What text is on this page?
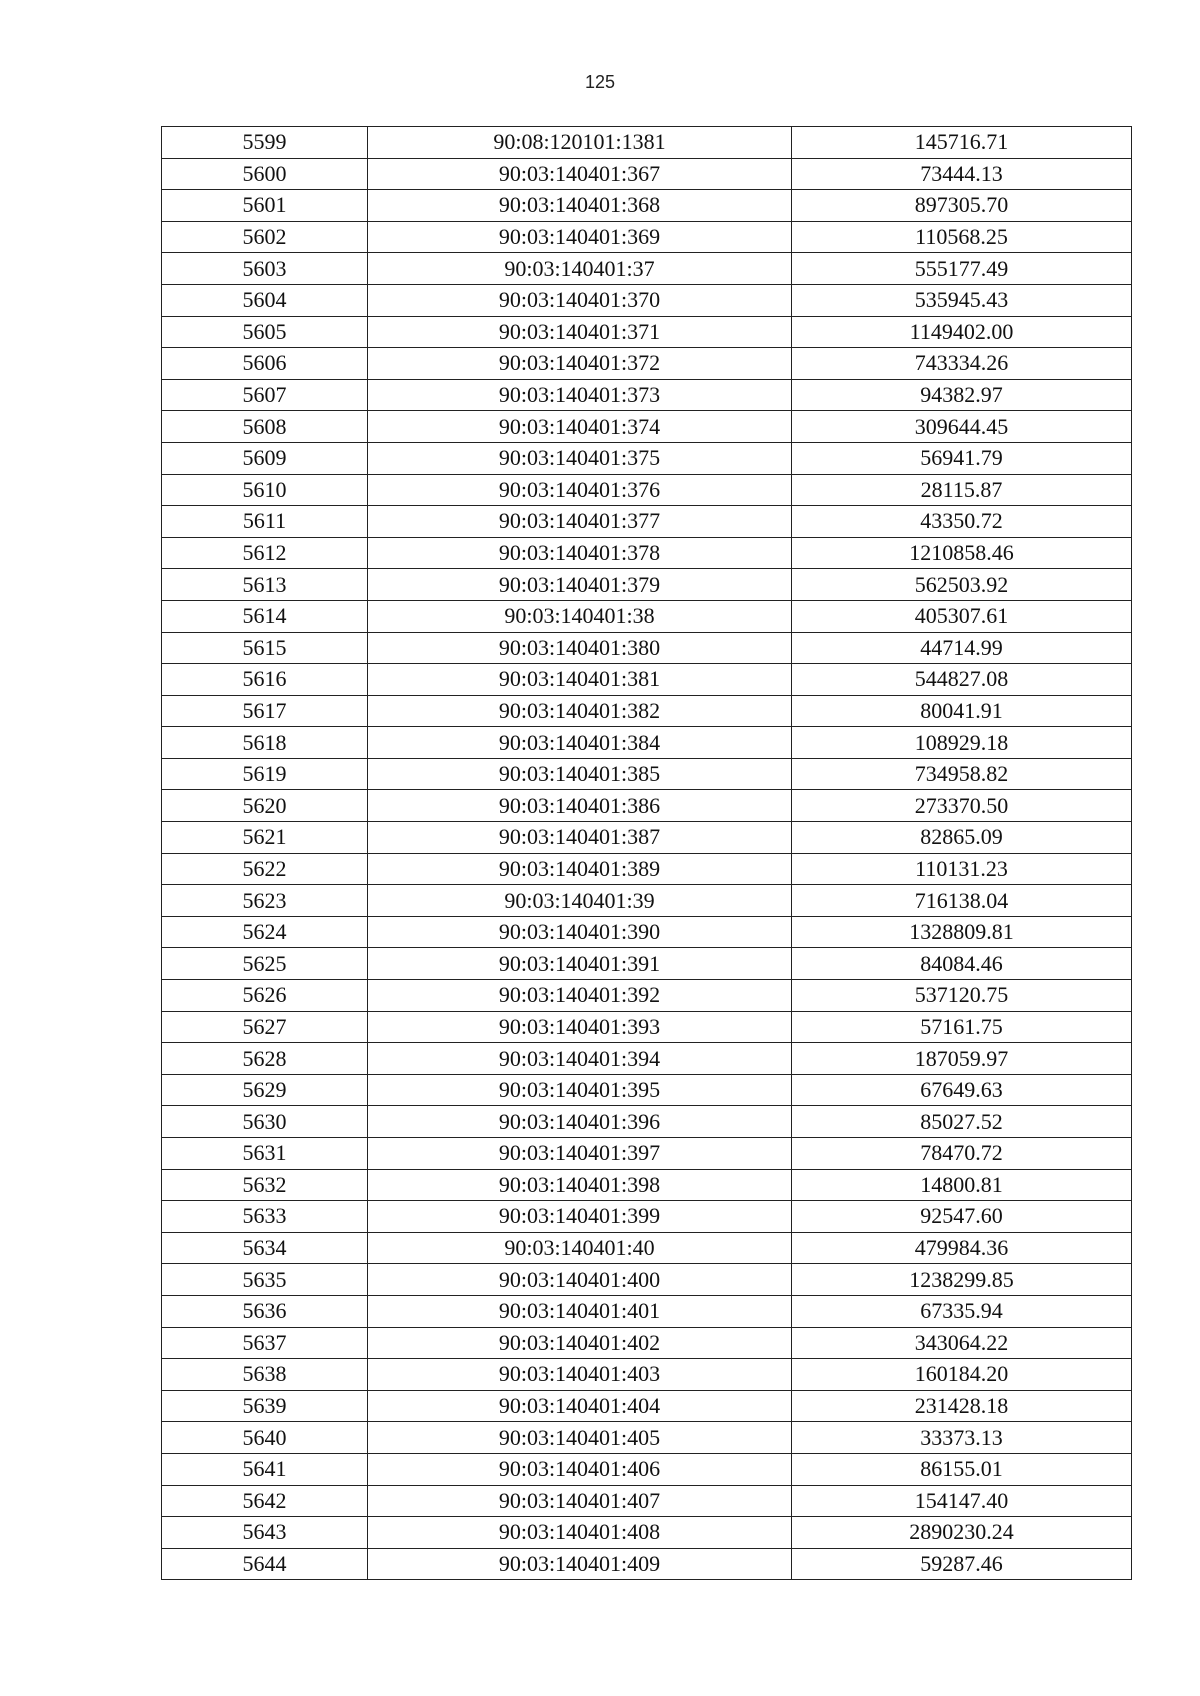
125
5599	90:08:120101:1381	145716.71
5600	90:03:140401:367	73444.13
5601	90:03:140401:368	897305.70
5602	90:03:140401:369	110568.25
5603	90:03:140401:37	555177.49
5604	90:03:140401:370	535945.43
5605	90:03:140401:371	1149402.00
5606	90:03:140401:372	743334.26
5607	90:03:140401:373	94382.97
5608	90:03:140401:374	309644.45
5609	90:03:140401:375	56941.79
5610	90:03:140401:376	28115.87
5611	90:03:140401:377	43350.72
5612	90:03:140401:378	1210858.46
5613	90:03:140401:379	562503.92
5614	90:03:140401:38	405307.61
5615	90:03:140401:380	44714.99
5616	90:03:140401:381	544827.08
5617	90:03:140401:382	80041.91
5618	90:03:140401:384	108929.18
5619	90:03:140401:385	734958.82
5620	90:03:140401:386	273370.50
5621	90:03:140401:387	82865.09
5622	90:03:140401:389	110131.23
5623	90:03:140401:39	716138.04
5624	90:03:140401:390	1328809.81
5625	90:03:140401:391	84084.46
5626	90:03:140401:392	537120.75
5627	90:03:140401:393	57161.75
5628	90:03:140401:394	187059.97
5629	90:03:140401:395	67649.63
5630	90:03:140401:396	85027.52
5631	90:03:140401:397	78470.72
5632	90:03:140401:398	14800.81
5633	90:03:140401:399	92547.60
5634	90:03:140401:40	479984.36
5635	90:03:140401:400	1238299.85
5636	90:03:140401:401	67335.94
5637	90:03:140401:402	343064.22
5638	90:03:140401:403	160184.20
5639	90:03:140401:404	231428.18
5640	90:03:140401:405	33373.13
5641	90:03:140401:406	86155.01
5642	90:03:140401:407	154147.40
5643	90:03:140401:408	2890230.24
5644	90:03:140401:409	59287.46
